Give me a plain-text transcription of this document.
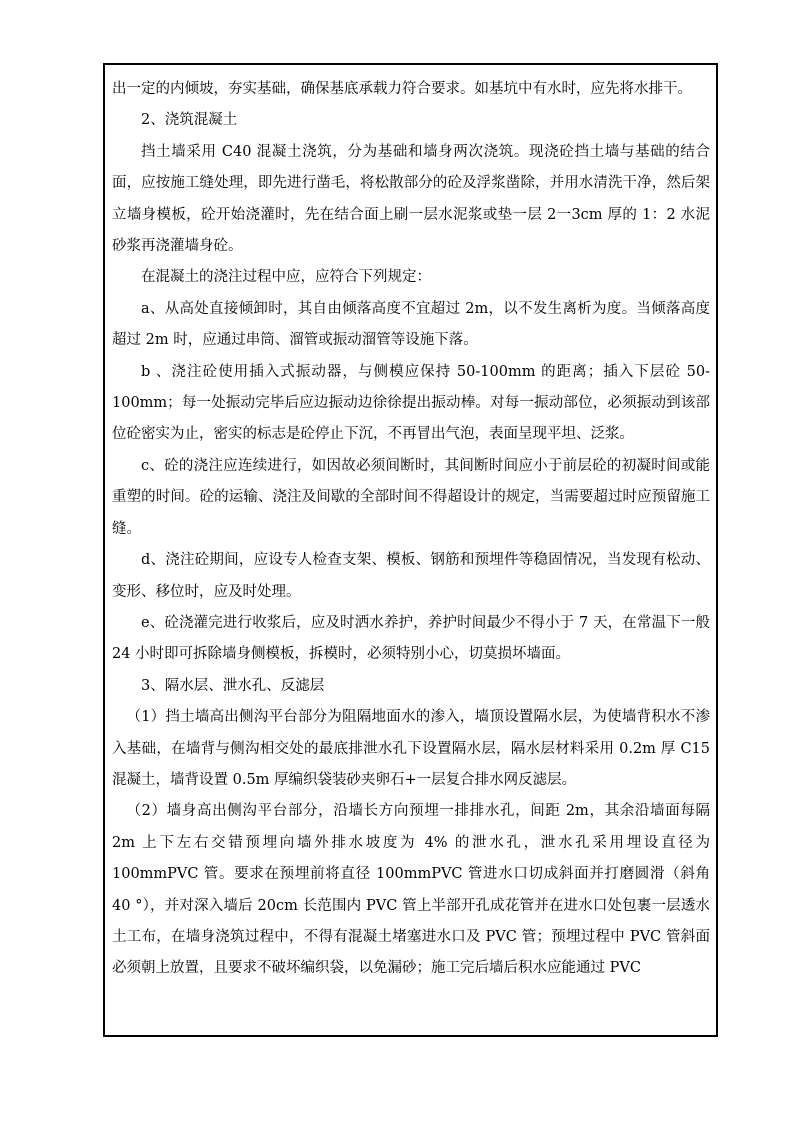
出一定的内倾坡，夯实基础，确保基底承载力符合要求。如基坑中有水时，应先将水排干。

2、浇筑混凝土

挡土墙采用 C40 混凝土浇筑，分为基础和墙身两次浇筑。现浇砼挡土墙与基础的结合面，应按施工缝处理，即先进行凿毛，将松散部分的砼及浮浆凿除，并用水清洗干净，然后架立墙身模板，砼开始浇灌时，先在结合面上刷一层水泥浆或垫一层 2一3cm 厚的 1：2 水泥砂浆再浇灌墙身砼。

在混凝土的浇注过程中应，应符合下列规定：

a、从高处直接倾卸时，其自由倾落高度不宜超过 2m，以不发生离析为度。当倾落高度超过 2m 时，应通过串筒、溜管或振动溜管等设施下落。

b 、浇注砼使用插入式振动器，与侧模应保持 50-100mm 的距离；插入下层砼 50-100mm；每一处振动完毕后应边振动边徐徐提出振动棒。对每一振动部位，必须振动到该部位砼密实为止，密实的标志是砼停止下沉，不再冒出气泡，表面呈现平坦、泛浆。

c、砼的浇注应连续进行，如因故必须间断时，其间断时间应小于前层砼的初凝时间或能重塑的时间。砼的运输、浇注及间歇的全部时间不得超设计的规定，当需要超过时应预留施工缝。

d、浇注砼期间，应设专人检查支架、模板、钢筋和预埋件等稳固情况，当发现有松动、变形、移位时，应及时处理。

e、砼浇灌完进行收浆后，应及时洒水养护，养护时间最少不得小于 7 天，在常温下一般 24 小时即可拆除墙身侧模板，拆模时，必须特别小心，切莫损坏墙面。

3、隔水层、泄水孔、反滤层

（1）挡土墙高出侧沟平台部分为阻隔地面水的渗入，墙顶设置隔水层，为使墙背积水不渗入基础，在墙背与侧沟相交处的最底排泄水孔下设置隔水层，隔水层材料采用 0.2m 厚 C15 混凝土，墙背设置 0.5m 厚编织袋装砂夹卵石+一层复合排水网反滤层。

（2）墙身高出侧沟平台部分，沿墙长方向预埋一排排水孔，间距 2m，其余沿墙面每隔 2m 上下左右交错预埋向墙外排水坡度为 4% 的泄水孔，泄水孔采用埋设直径为 100mmPVC 管。要求在预埋前将直径 100mmPVC 管进水口切成斜面并打磨圆滑（斜角 40 °），并对深入墙后 20cm 长范围内 PVC 管上半部开孔成花管并在进水口处包裹一层透水土工布，在墙身浇筑过程中，不得有混凝土堵塞进水口及 PVC 管；预埋过程中 PVC 管斜面必须朝上放置，且要求不破坏编织袋，以免漏砂；施工完后墙后积水应能通过 PVC
